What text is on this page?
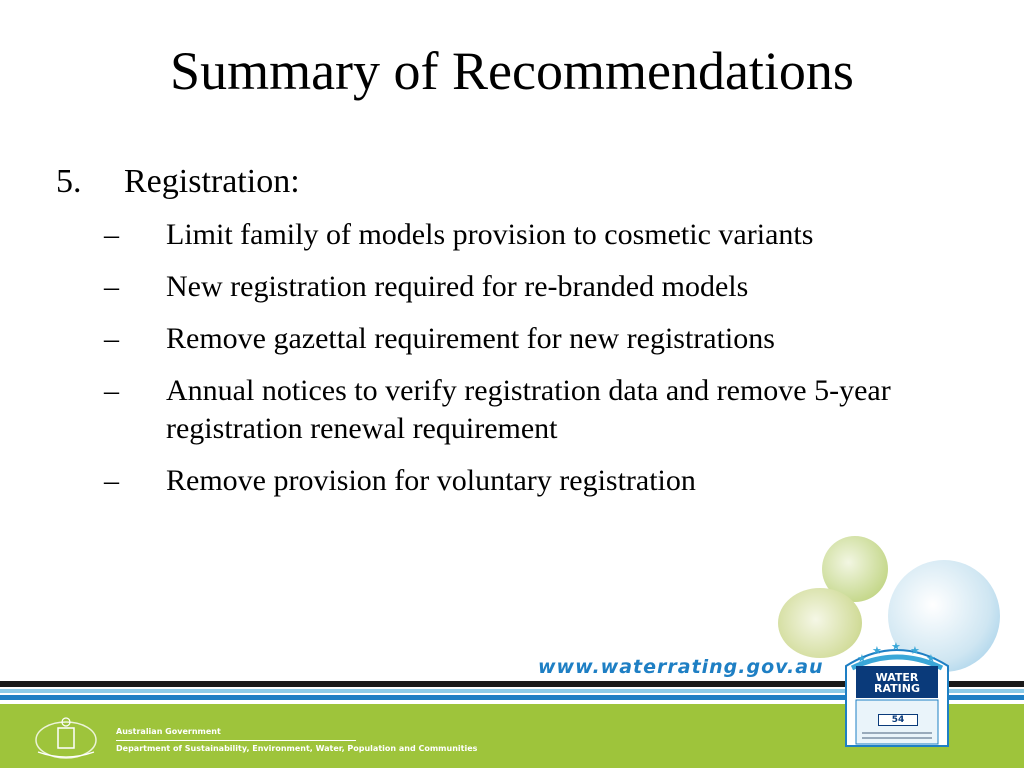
Summary of Recommendations
5. Registration:
– Limit family of models provision to cosmetic variants
– New registration required for re-branded models
– Remove gazettal requirement for new registrations
– Annual notices to verify registration data and remove 5-year registration renewal requirement
– Remove provision for voluntary registration
www.waterrating.gov.au
Australian Government
Department of Sustainability, Environment, Water, Population and Communities
★
★ ★ ★
★
WATER
RATING
54
